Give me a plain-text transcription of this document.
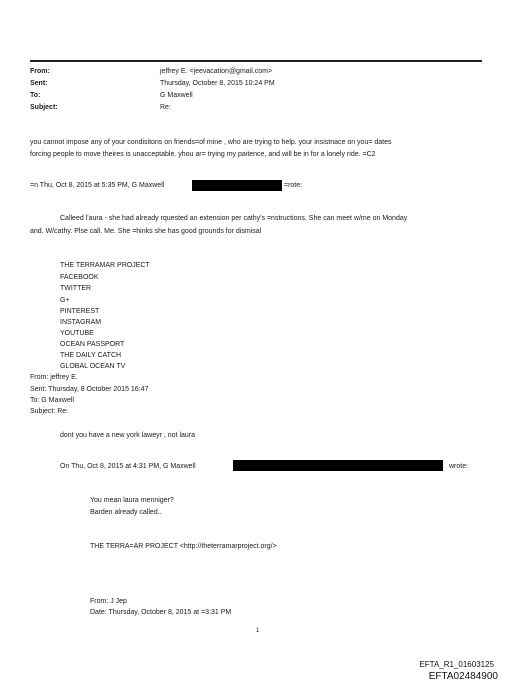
From:	jeffrey E. <jeevacation@gmail.com>
Sent:	Thursday, October 8, 2015 10:24 PM
To:	G Maxwell
Subject:	Re:
you cannot impose any of your condisitons on friends=of mine , who are trying to help. your insistnace on you= dates
forcing people to move theires is unacceptable. yhou ar= trying my paitence, and will be in for a lonely ride. =C2
=n Thu, Oct 8, 2015 at 5:35 PM, G Maxwell	=rote:
Calleed l'aura - she had already rquested an extension per cathy's =nstructions. She can meet w/me on Monday
and. W/cathy. Plse call. Me. She =hinks she has good grounds for dismisal
THE TERRAMAR PROJECT
FACEBOOK
TWITTER
G+
PINTEREST
INSTAGRAM
YOUTUBE
OCEAN PASSPORT
THE DAILY CATCH
GLOBAL OCEAN TV
From: jeffrey E.
Sent: Thursday, 8 October 2015 16:47
To: G Maxwell
Subject: Re:
dont you have a new york laweyr , not laura
On Thu, Oct 8, 2015 at 4:31 PM, G Maxwell	wrote:
You mean laura menniger?
Barden already called..
THE TERRA=AR PROJECT <http://theterramarproject.org/>
From: J Jep
Date: Thursday, October 8, 2015 at =3:31 PM
1
EFTA_R1_01603125
EFTA02484900
